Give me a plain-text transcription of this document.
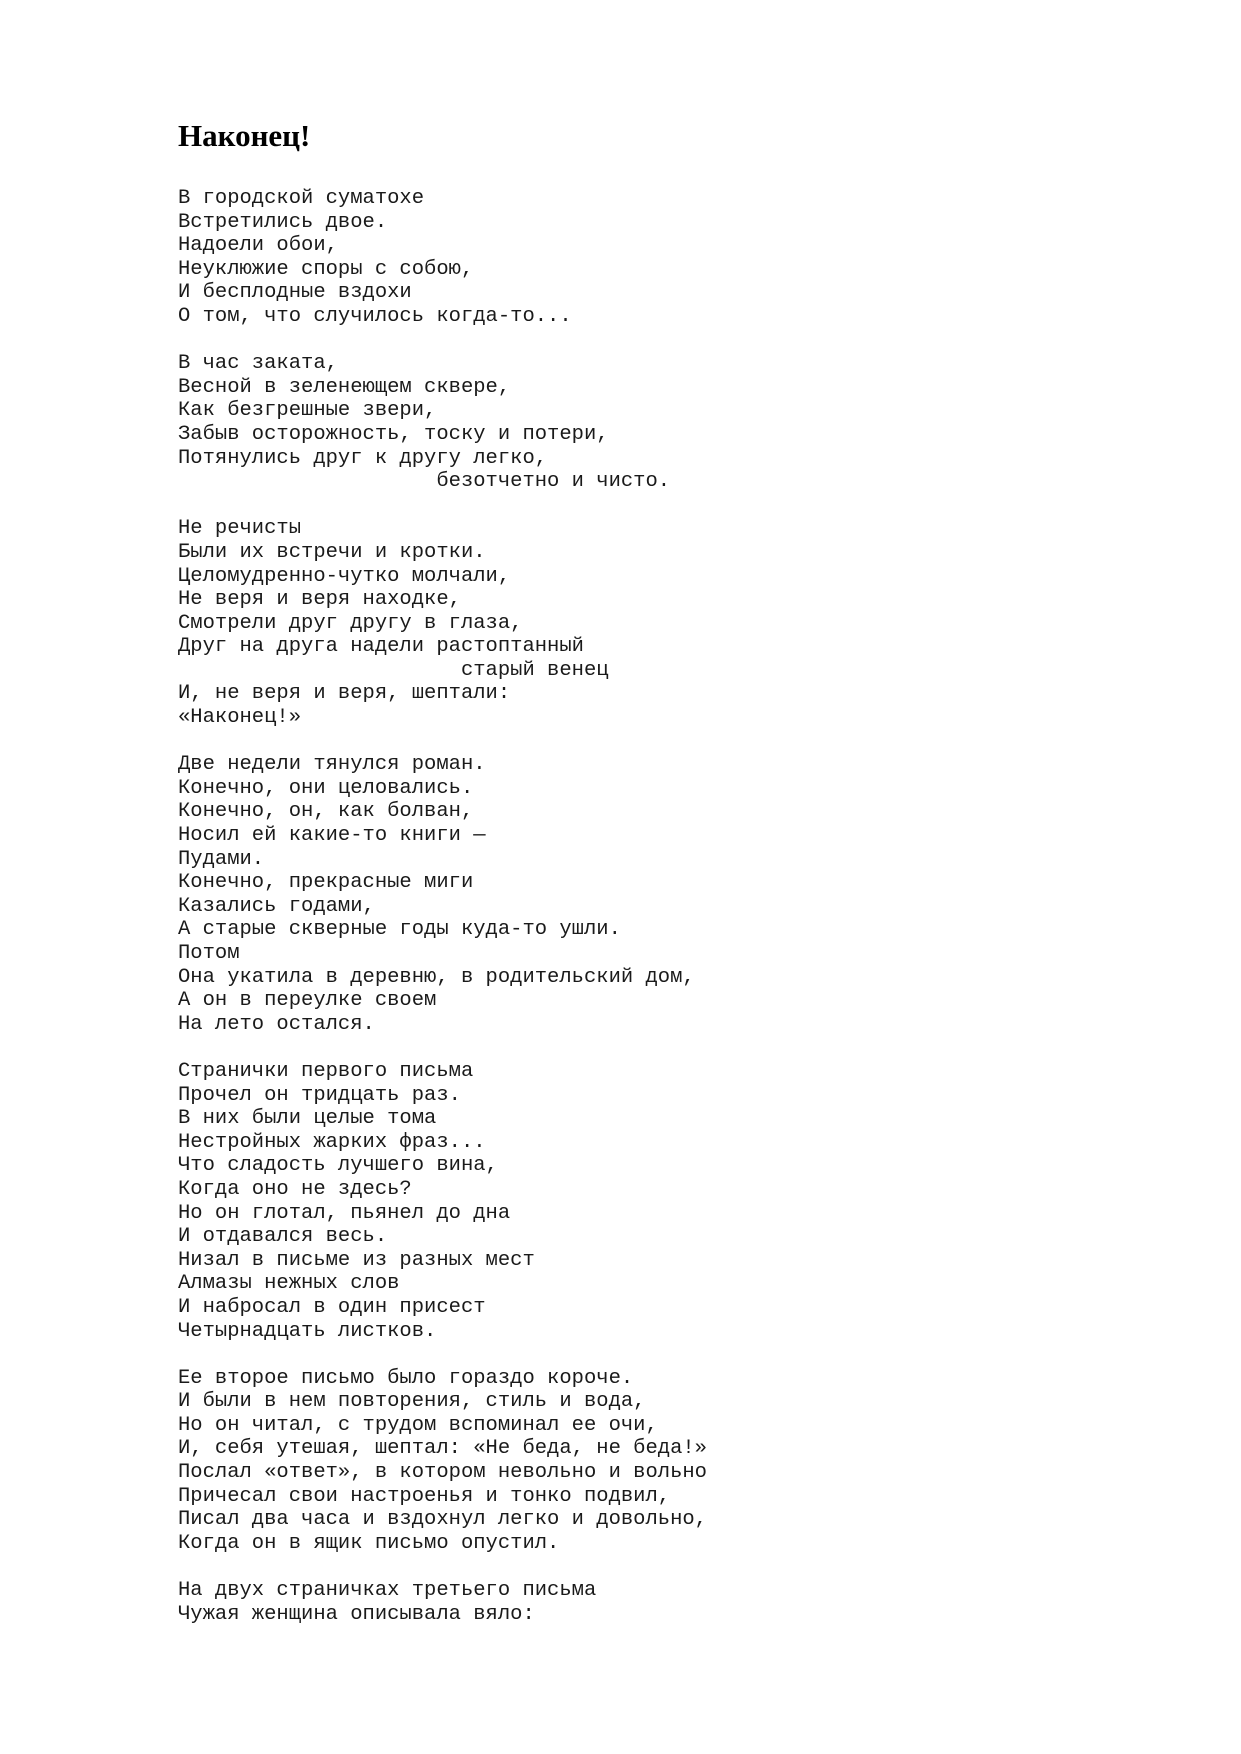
Наконец!
В городской суматохе
Встретились двое.
Надоели обои,
Неуклюжие споры с собою,
И бесплодные вздохи
О том, что случилось когда-то...
В час заката,
Весной в зеленеющем сквере,
Как безгрешные звери,
Забыв осторожность, тоску и потери,
Потянулись друг к другу легко,
безотчетно и чисто.
Не речисты
Были их встречи и кротки.
Целомудренно-чутко молчали,
Не веря и веря находке,
Смотрели друг другу в глаза,
Друг на друга надели растоптанный
старый венец
И, не веря и веря, шептали:
«Наконец!»
Две недели тянулся роман.
Конечно, они целовались.
Конечно, он, как болван,
Носил ей какие-то книги —
Пудами.
Конечно, прекрасные миги
Казались годами,
А старые скверные годы куда-то ушли.
Потом
Она укатила в деревню, в родительский дом,
А он в переулке своем
На лето остался.
Странички первого письма
Прочел он тридцать раз.
В них были целые тома
Нестройных жарких фраз...
Что сладость лучшего вина,
Когда оно не здесь?
Но он глотал, пьянел до дна
И отдавался весь.
Низал в письме из разных мест
Алмазы нежных слов
И набросал в один присест
Четырнадцать листков.
Ее второе письмо было гораздо короче.
И были в нем повторения, стиль и вода,
Но он читал, с трудом вспоминал ее очи,
И, себя утешая, шептал: «Не беда, не беда!»
Послал «ответ», в котором невольно и вольно
Причесал свои настроенья и тонко подвил,
Писал два часа и вздохнул легко и довольно,
Когда он в ящик письмо опустил.
На двух страничках третьего письма
Чужая женщина описывала вяло:
